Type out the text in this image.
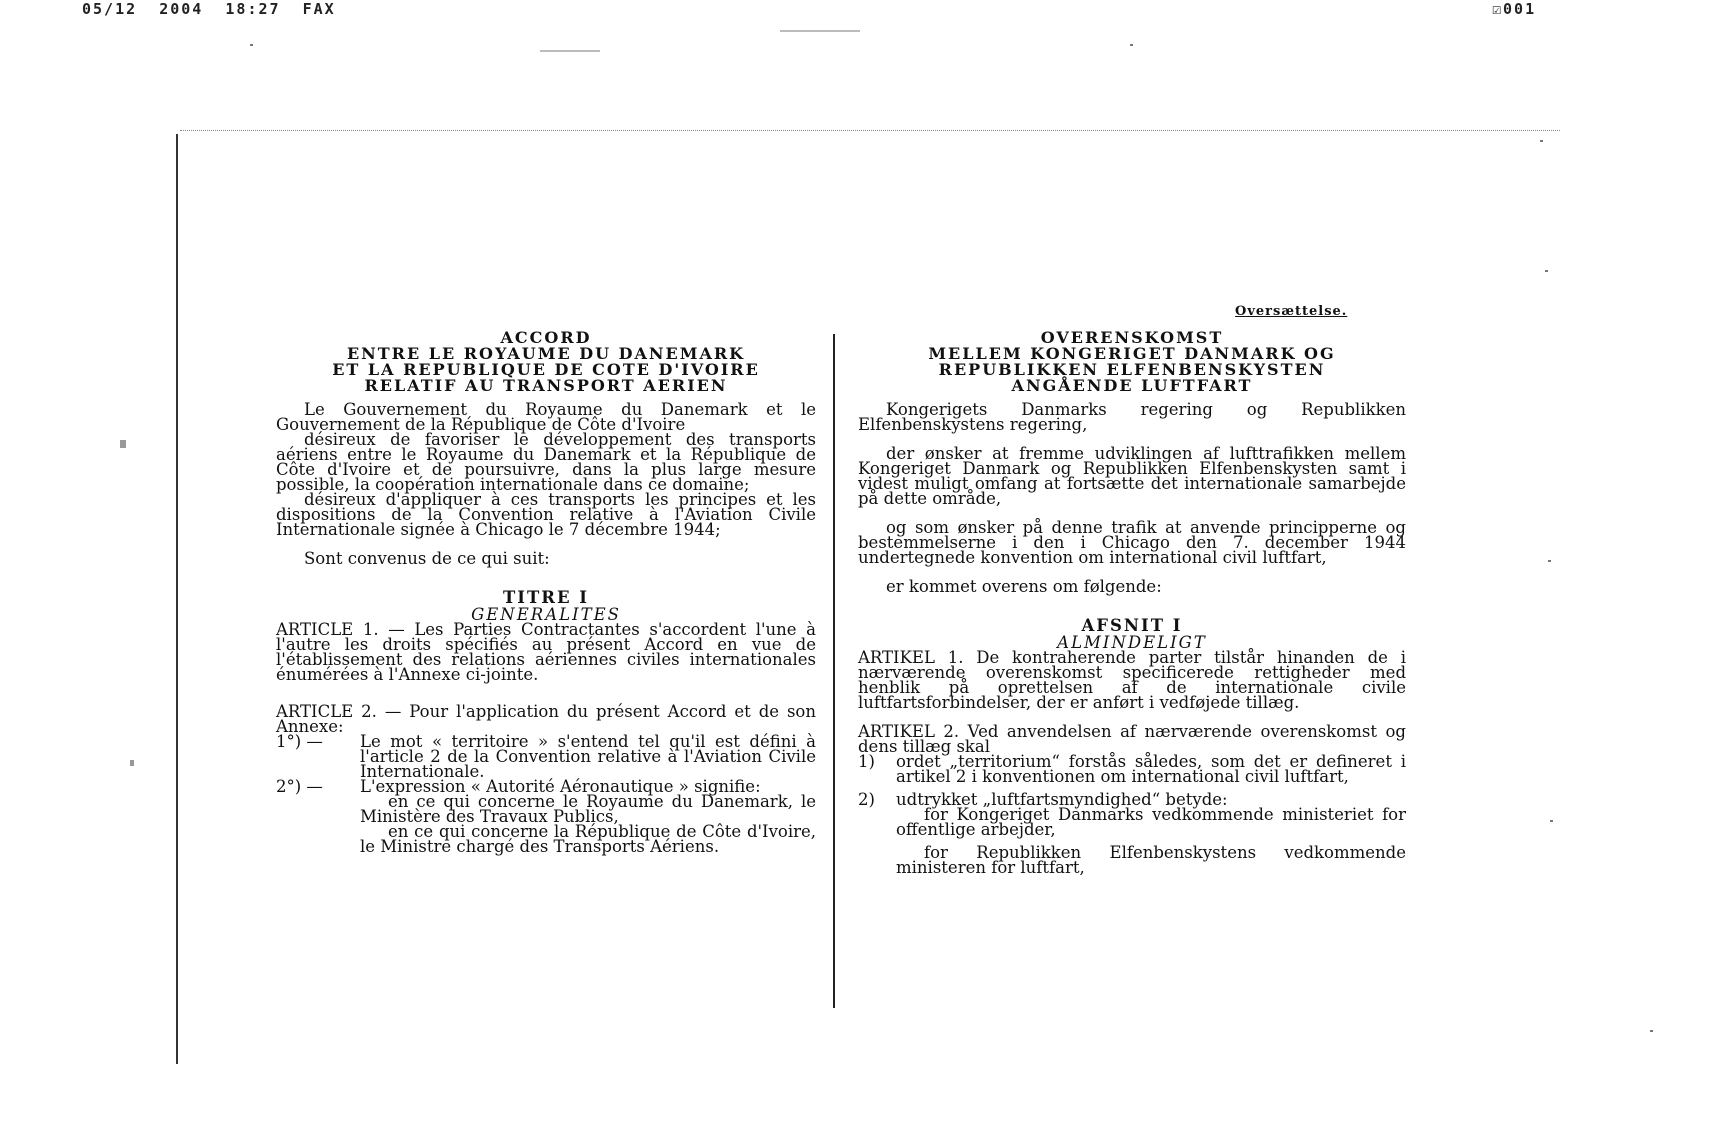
05/12  2004  18:27  FAX	☑001
Oversættelse.
ACCORD
ENTRE LE ROYAUME DU DANEMARK
ET LA REPUBLIQUE DE COTE D'IVOIRE
RELATIF AU TRANSPORT AERIEN

Le Gouvernement du Royaume du Danemark et le Gouvernement de la République de Côte d'Ivoire

désireux de favoriser le développement des transports aériens entre le Royaume du Danemark et la République de Côte d'Ivoire et de poursuivre, dans la plus large mesure possible, la coopération internationale dans ce domaine;

désireux d'appliquer à ces transports les principes et les dispositions de la Convention relative à l'Aviation Civile Internationale signée à Chicago le 7 décembre 1944;

Sont convenus de ce qui suit:

TITRE I
GENERALITES

ARTICLE 1. — Les Parties Contractantes s'accordent l'une à l'autre les droits spécifiés au présent Accord en vue de l'établissement des relations aériennes civiles internationales énumérées à l'Annexe ci-jointe.

ARTICLE 2. — Pour l'application du présent Accord et de son Annexe:

1°) —	Le mot « territoire » s'entend tel qu'il est défini à l'article 2 de la Convention relative à l'Aviation Civile Internationale.
2°) —	L'expression « Autorité Aéronautique » signifie:

en ce qui concerne le Royaume du Danemark, le Ministère des Travaux Publics,

en ce qui concerne la République de Côte d'Ivoire, le Ministre chargé des Transports Aériens.

OVERENSKOMST
MELLEM KONGERIGET DANMARK OG
REPUBLIKKEN ELFENBENSKYSTEN
ANGÅENDE LUFTFART

Kongerigets Danmarks regering og Republikken Elfenbenskystens regering,

der ønsker at fremme udviklingen af lufttrafikken mellem Kongeriget Danmark og Republikken Elfenbenskysten samt i videst muligt omfang at fortsætte det internationale samarbejde på dette område,

og som ønsker på denne trafik at anvende principperne og bestemmelserne i den i Chicago den 7. december 1944 undertegnede konvention om international civil luftfart,

er kommet overens om følgende:

AFSNIT I
ALMINDELIGT

ARTIKEL 1. De kontraherende parter tilstår hinanden de i nærværende overenskomst specificerede rettigheder med henblik på oprettelsen af de internationale civile luftfartsforbindelser, der er anført i vedføjede tillæg.

ARTIKEL 2. Ved anvendelsen af nærværende overenskomst og dens tillæg skal

1)	ordet „territorium“ forstås således, som det er defineret i artikel 2 i konventionen om international civil luftfart,
2)	udtrykket „luftfartsmyndighed“ betyde:

for Kongeriget Danmarks vedkommende ministeriet for offentlige arbejder,

for Republikken Elfenbenskystens vedkommende ministeren for luftfart,
